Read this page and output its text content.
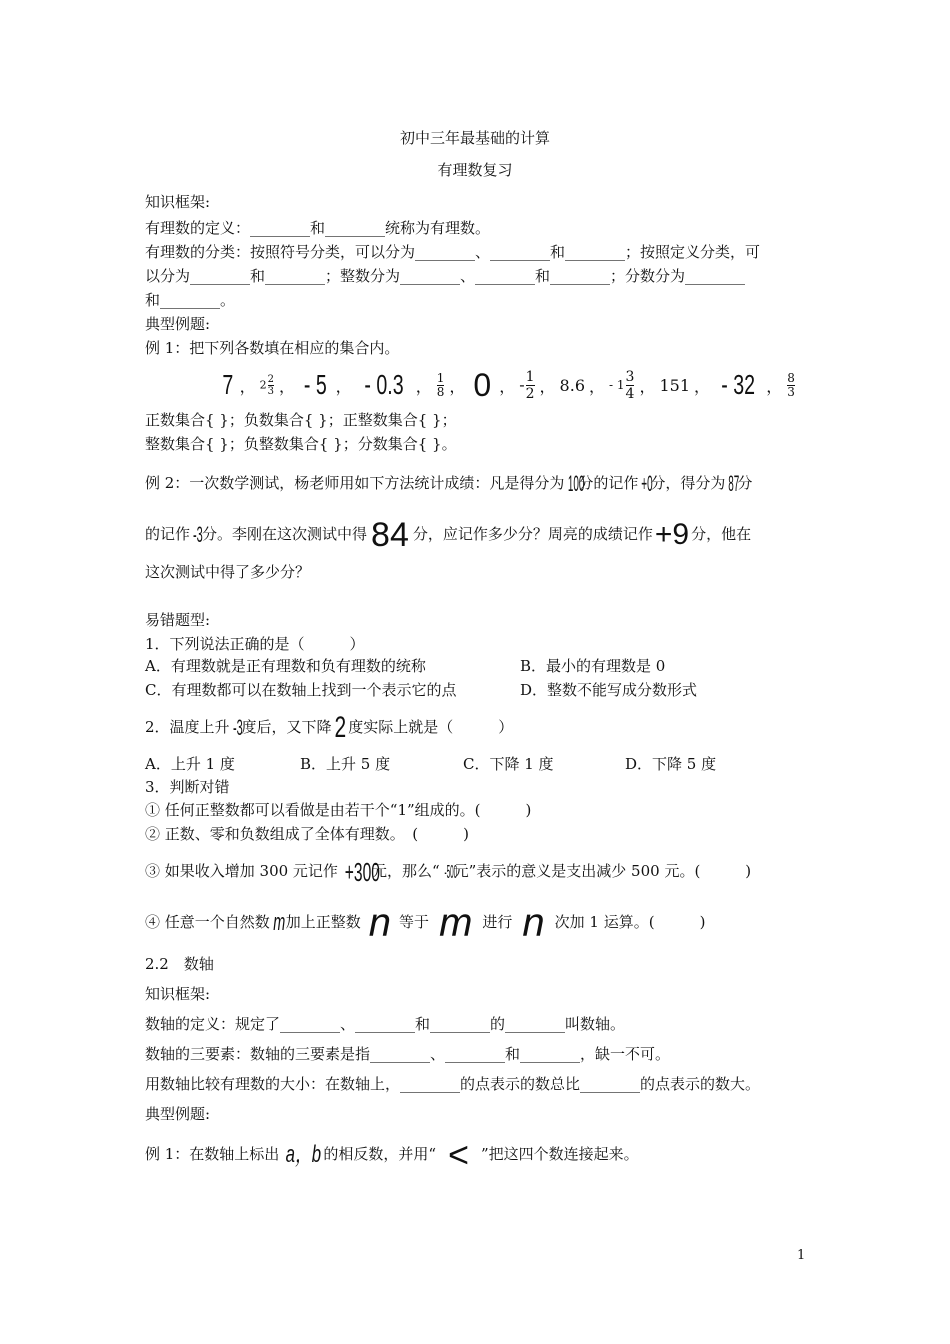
初中三年最基础的计算
有理数复习
知识框架:
有理数的定义：________和________统称为有理数。
有理数的分类：按照符号分类，可以分为________、________和________；按照定义分类，可
以分为________和________；整数分为________、________和________；分数分为________
和________。
典型例题:
例 1：把下列各数填在相应的集合内。
7 ， $2 \frac{2}{3}$ ， - 5 ， - 0.3 ， $\frac{1}{8}$ ， 0 ， - $\frac{1}{2}$ ， 8.6 ， - $1 \frac{3}{4}$ ， 151 ， - 32 ， $\frac{8}{3}$
正数集合{ }；负数集合{ }；正整数集合{ }；
整数集合{ }；负整数集合{ }；分数集合{ }。
例 2：一次数学测试，杨老师用如下方法统计成绩：凡是得分为 100分的记作 +0分，得分为 87分
的记作 -3分。李刚在这次测试中得 84 分，应记作多少分？周亮的成绩记作+9 分，他在
这次测试中得了多少分？
易错题型:
1．下列说法正确的是（　　　）
A．有理数就是正有理数和负有理数的统称	B．最小的有理数是 0
C．有理数都可以在数轴上找到一个表示它的点	D．整数不能写成分数形式
2．温度上升 -3度后，又下降2 度实际上就是（　　　）
A．上升 1 度	B．上升 5 度	C．下降 1 度	D．下降 5 度
3．判断对错
① 任何正整数都可以看做是由若干个“1”组成的。(　　　)
② 正数、零和负数组成了全体有理数。　(　　　)
③ 如果收入增加 300 元记作 +300元，那么“ -500元”表示的意义是支出减少 500 元。(　　　)
④ 任意一个自然数 m加上正整数 n 等于 m 进行 n 次加 1 运算。(　　　)
2.2　数轴
知识框架:
数轴的定义：规定了________、________和________的________叫数轴。
数轴的三要素：数轴的三要素是指________、________和________，缺一不可。
用数轴比较有理数的大小：在数轴上，________的点表示的数总比________的点表示的数大。
典型例题:
例 1：在数轴上标出 a，b 的相反数，并用“ < ”把这四个数连接起来。
1
